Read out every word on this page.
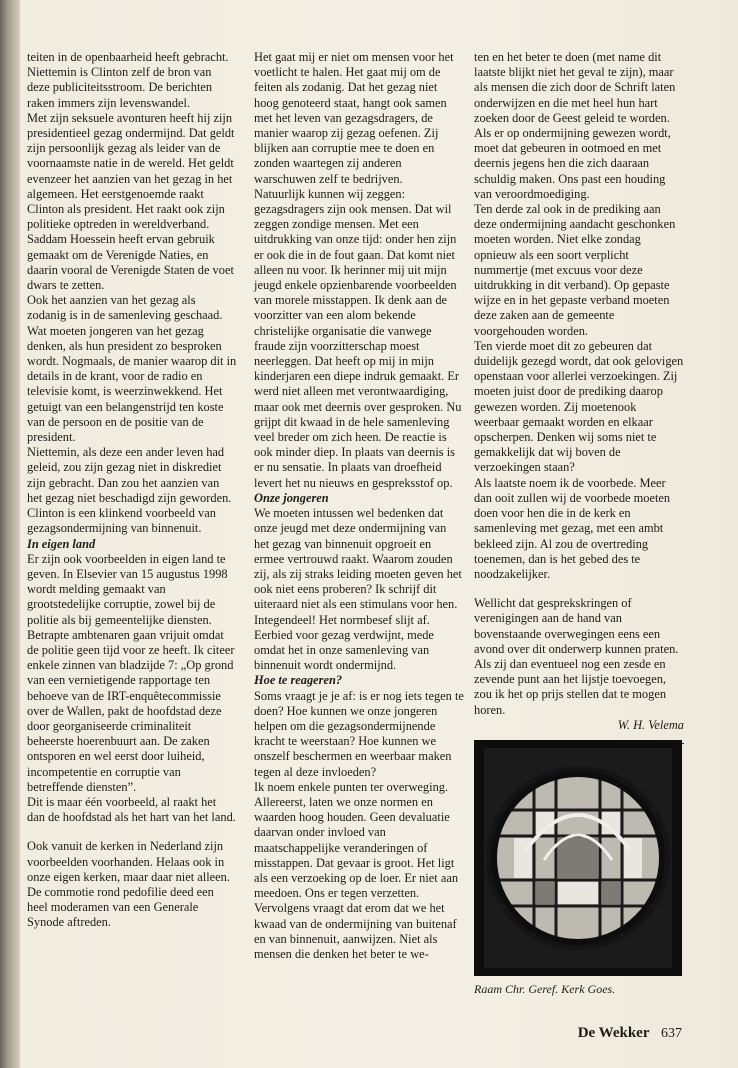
teiten in de openbaarheid heeft gebracht. Niettemin is Clinton zelf de bron van deze publiciteitsstroom. De berichten raken immers zijn levenswandel.

Met zijn seksuele avonturen heeft hij zijn presidentieel gezag ondermijnd. Dat geldt zijn persoonlijk gezag als leider van de voornaamste natie in de wereld. Het geldt evenzeer het aanzien van het gezag in het algemeen. Het eerstgenoemde raakt Clinton als president. Het raakt ook zijn politieke optreden in wereldverband. Saddam Hoessein heeft ervan gebruik gemaakt om de Verenigde Naties, en daarin vooral de Verenigde Staten de voet dwars te zetten.

Ook het aanzien van het gezag als zodanig is in de samenleving geschaad. Wat moeten jongeren van het gezag denken, als hun president zo besproken wordt. Nogmaals, de manier waarop dit in details in de krant, voor de radio en televisie komt, is weerzinwekkend. Het getuigt van een belangenstrijd ten koste van de persoon en de positie van de president.

Niettemin, als deze een ander leven had geleid, zou zijn gezag niet in diskrediet zijn gebracht. Dan zou het aanzien van het gezag niet beschadigd zijn geworden.

Clinton is een klinkend voorbeeld van gezagsondermijning van binnenuit.

In eigen land

Er zijn ook voorbeelden in eigen land te geven. In Elsevier van 15 augustus 1998 wordt melding gemaakt van grootstedelijke corruptie, zowel bij de politie als bij gemeentelijke diensten. Betrapte ambtenaren gaan vrijuit omdat de politie geen tijd voor ze heeft. Ik citeer enkele zinnen van bladzijde 7: „Op grond van een vernietigende rapportage ten behoeve van de IRT-enquêtecommissie over de Wallen, pakt de hoofdstad deze door georganiseerde criminaliteit beheerste hoerenbuurt aan. De zaken ontsporen en wel eerst door luiheid, incompetentie en corruptie van betreffende diensten”.

Dit is maar één voorbeeld, al raakt het dan de hoofdstad als het hart van het land.

Ook vanuit de kerken in Nederland zijn voorbeelden voorhanden. Helaas ook in onze eigen kerken, maar daar niet alleen. De commotie rond pedofilie deed een heel moderamen van een Generale Synode aftreden.

Het gaat mij er niet om mensen voor het voetlicht te halen. Het gaat mij om de feiten als zodanig. Dat het gezag niet hoog genoteerd staat, hangt ook samen met het leven van gezagsdragers, de manier waarop zij gezag oefenen. Zij blijken aan corruptie mee te doen en zonden waartegen zij anderen warschuwen zelf te bedrijven.

Natuurlijk kunnen wij zeggen: gezagsdragers zijn ook mensen. Dat wil zeggen zondige mensen. Met een uitdrukking van onze tijd: onder hen zijn er ook die in de fout gaan. Dat komt niet alleen nu voor. Ik herinner mij uit mijn jeugd enkele opzienbarende voorbeelden van morele misstappen. Ik denk aan de voorzitter van een alom bekende christelijke organisatie die vanwege fraude zijn voorzitterschap moest neerleggen. Dat heeft op mij in mijn kinderjaren een diepe indruk gemaakt. Er werd niet alleen met verontwaardiging, maar ook met deernis over gesproken. Nu grijpt dit kwaad in de hele samenleving veel breder om zich heen. De reactie is ook minder diep. In plaats van deernis is er nu sensatie. In plaats van droefheid levert het nu nieuws en gespreksstof op.

Onze jongeren

We moeten intussen wel bedenken dat onze jeugd met deze ondermijning van het gezag van binnenuit opgroeit en ermee vertrouwd raakt. Waarom zouden zij, als zij straks leiding moeten geven het ook niet eens proberen? Ik schrijf dit uiteraard niet als een stimulans voor hen. Integendeel! Het normbesef slijt af. Eerbied voor gezag verdwijnt, mede omdat het in onze samenleving van binnenuit wordt ondermijnd.

Hoe te reageren?

Soms vraagt je je af: is er nog iets tegen te doen? Hoe kunnen we onze jongeren helpen om die gezagsondermijnende kracht te weerstaan? Hoe kunnen we onszelf beschermen en weerbaar maken tegen al deze invloeden?

Ik noem enkele punten ter overweging. Allereerst, laten we onze normen en waarden hoog houden. Geen devaluatie daarvan onder invloed van maatschappelijke veranderingen of misstappen. Dat gevaar is groot. Het ligt als een verzoeking op de loer. Er niet aan meedoen. Ons er tegen verzetten.

Vervolgens vraagt dat erom dat we het kwaad van de ondermijning van buitenaf en van binnenuit, aanwijzen. Niet als mensen die denken het beter te we-

ten en het beter te doen (met name dit laatste blijkt niet het geval te zijn), maar als mensen die zich door de Schrift laten onderwijzen en die met heel hun hart zoeken door de Geest geleid te worden. Als er op ondermijning gewezen wordt, moet dat gebeuren in ootmoed en met deernis jegens hen die zich daaraan schuldig maken. Ons past een houding van veroordmoediging.

Ten derde zal ook in de prediking aan deze ondermijning aandacht geschonken moeten worden. Niet elke zondag opnieuw als een soort verplicht nummertje (met excuus voor deze uitdrukking in dit verband). Op gepaste wijze en in het gepaste verband moeten deze zaken aan de gemeente voorgehouden worden.

Ten vierde moet dit zo gebeuren dat duidelijk gezegd wordt, dat ook gelovigen openstaan voor allerlei verzoekingen. Zij moeten juist door de prediking daarop gewezen worden. Zij moetenook weerbaar gemaakt worden en elkaar opscherpen. Denken wij soms niet te gemakkelijk dat wij boven de verzoekingen staan?

Als laatste noem ik de voorbede. Meer dan ooit zullen wij de voorbede moeten doen voor hen die in de kerk en samenleving met gezag, met een ambt bekleed zijn. Al zou de overtreding toenemen, dan is het gebed des te noodzakelijker.

Wellicht dat gesprekskringen of verenigingen aan de hand van bovenstaande overwegingen eens een avond over dit onderwerp kunnen praten. Als zij dan eventueel nog een zesde en zevende punt aan het lijstje toevoegen, zou ik het op prijs stellen dat te mogen horen.

W. H. Velema

Raam Chr. Geref. Kerk Goes.
De Wekker 637
